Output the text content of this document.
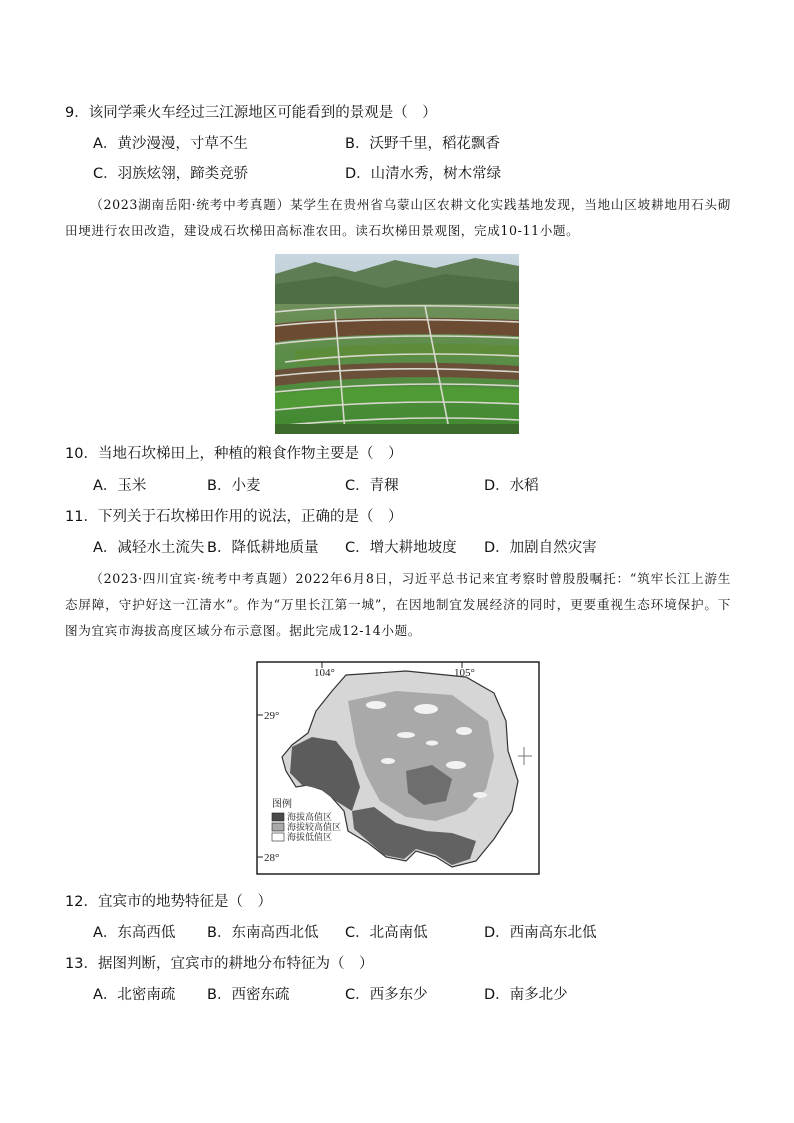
9．该同学乘火车经过三江源地区可能看到的景观是（　）
A．黄沙漫漫，寸草不生	B．沃野千里，稻花飘香
C．羽族炫翎，蹄类竞骄	D．山清水秀，树木常绿
（2023湖南岳阳·统考中考真题）某学生在贵州省乌蒙山区农耕文化实践基地发现，当地山区坡耕地用石头砌田埂进行农田改造，建设成石坎梯田高标准农田。读石坎梯田景观图，完成10-11小题。
10．当地石坎梯田上，种植的粮食作物主要是（　）
A．玉米	B．小麦	C．青稞	D．水稻
11．下列关于石坎梯田作用的说法，正确的是（　）
A．减轻水土流失 B．降低耕地质量 C．增大耕地坡度 D．加剧自然灾害
（2023·四川宜宾·统考中考真题）2022年6月8日，习近平总书记来宜考察时曾殷殷嘱托：“筑牢长江上游生态屏障，守护好这一江清水”。作为“万里长江第一城”，在因地制宜发展经济的同时，更要重视生态环境保护。下图为宜宾市海拔高度区域分布示意图。据此完成12-14小题。
104°	105°
29°
28°
图例
海拔高值区
海拔较高值区
海拔低值区
12．宜宾市的地势特征是（　）
A．东高西低 B．东南高西北低 C．北高南低	D．西南高东北低
13．据图判断，宜宾市的耕地分布特征为（　）
A．北密南疏 B．西密东疏	C．西多东少	D．南多北少
